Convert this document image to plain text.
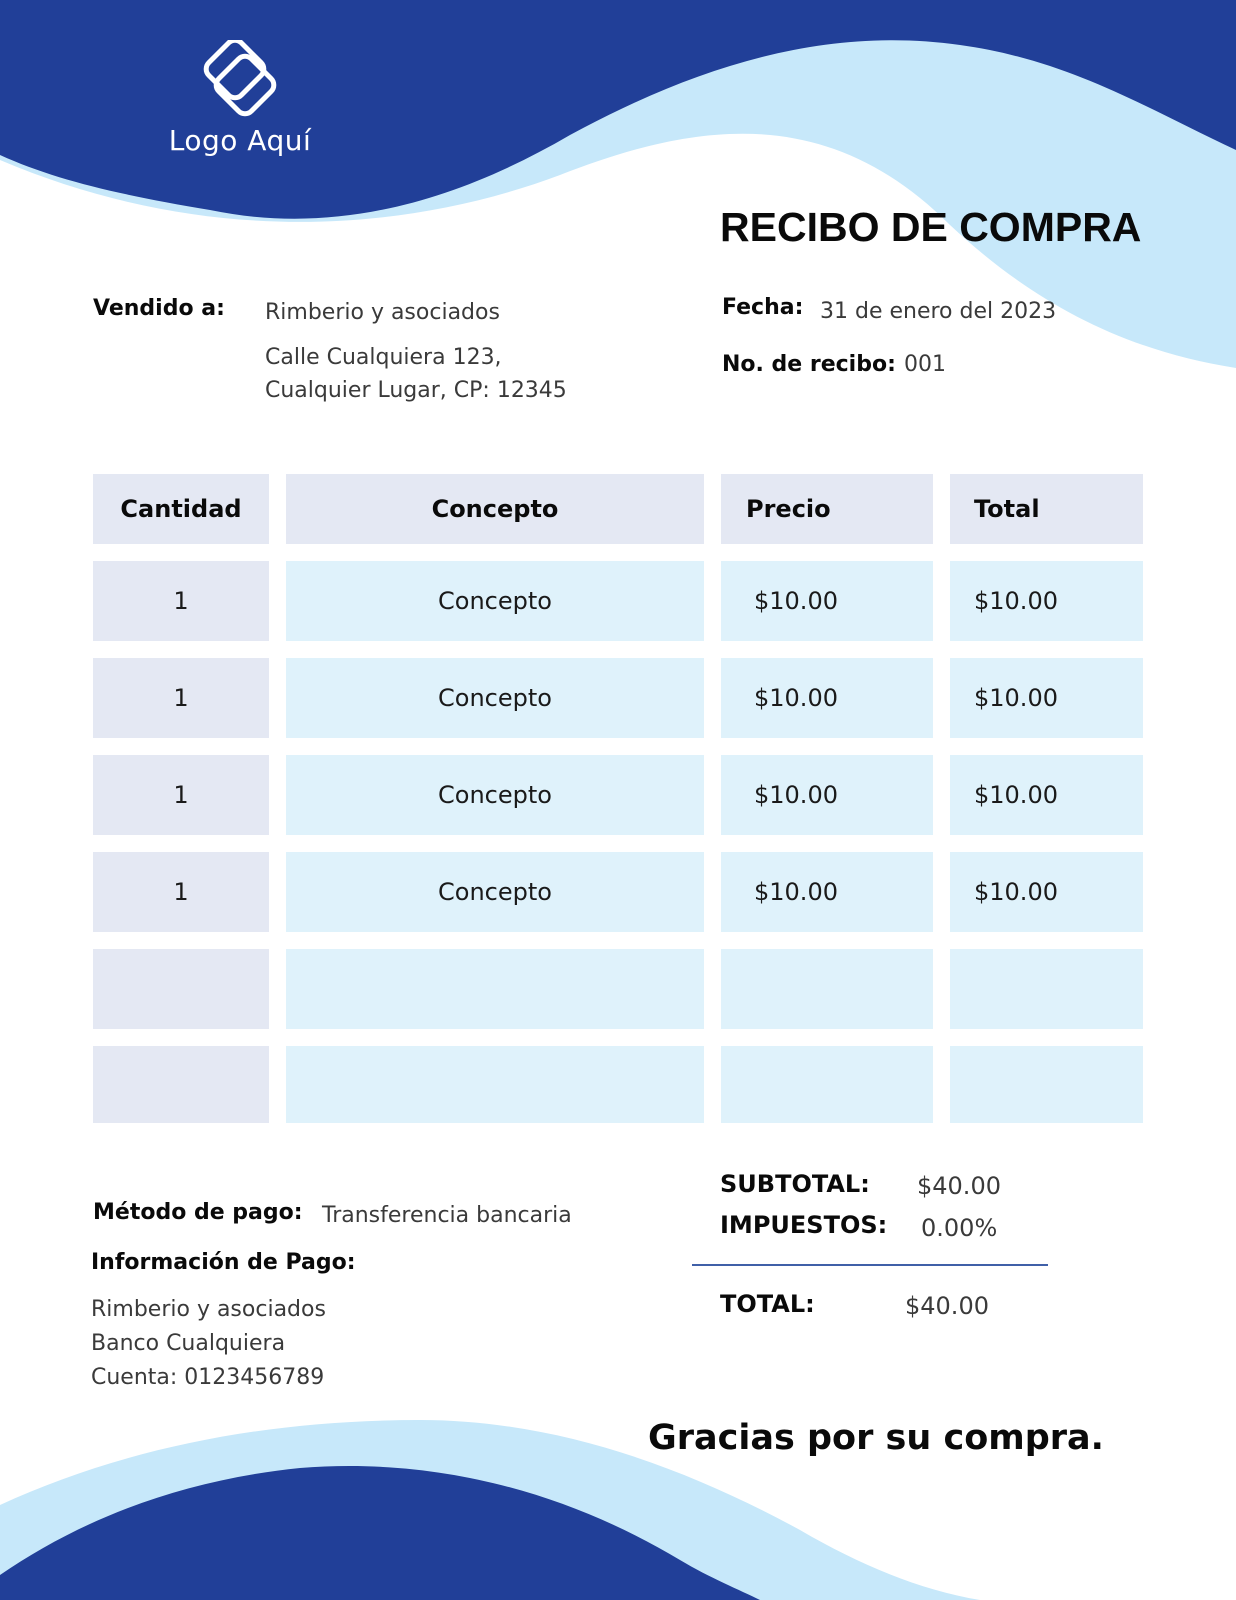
Logo Aquí
RECIBO DE COMPRA
Vendido a: Rimberio y asociados
Calle Cualquiera 123,
Cualquier Lugar, CP: 12345
Fecha: 31 de enero del 2023
No. de recibo: 001
Cantidad	Concepto	Precio	Total
1	Concepto	$10.00	$10.00
1	Concepto	$10.00	$10.00
1	Concepto	$10.00	$10.00
1	Concepto	$10.00	$10.00
Método de pago: Transferencia bancaria
Información de Pago:
Rimberio y asociados
Banco Cualquiera
Cuenta: 0123456789
SUBTOTAL: $40.00
IMPUESTOS: 0.00%
TOTAL:	$40.00
Gracias por su compra.
